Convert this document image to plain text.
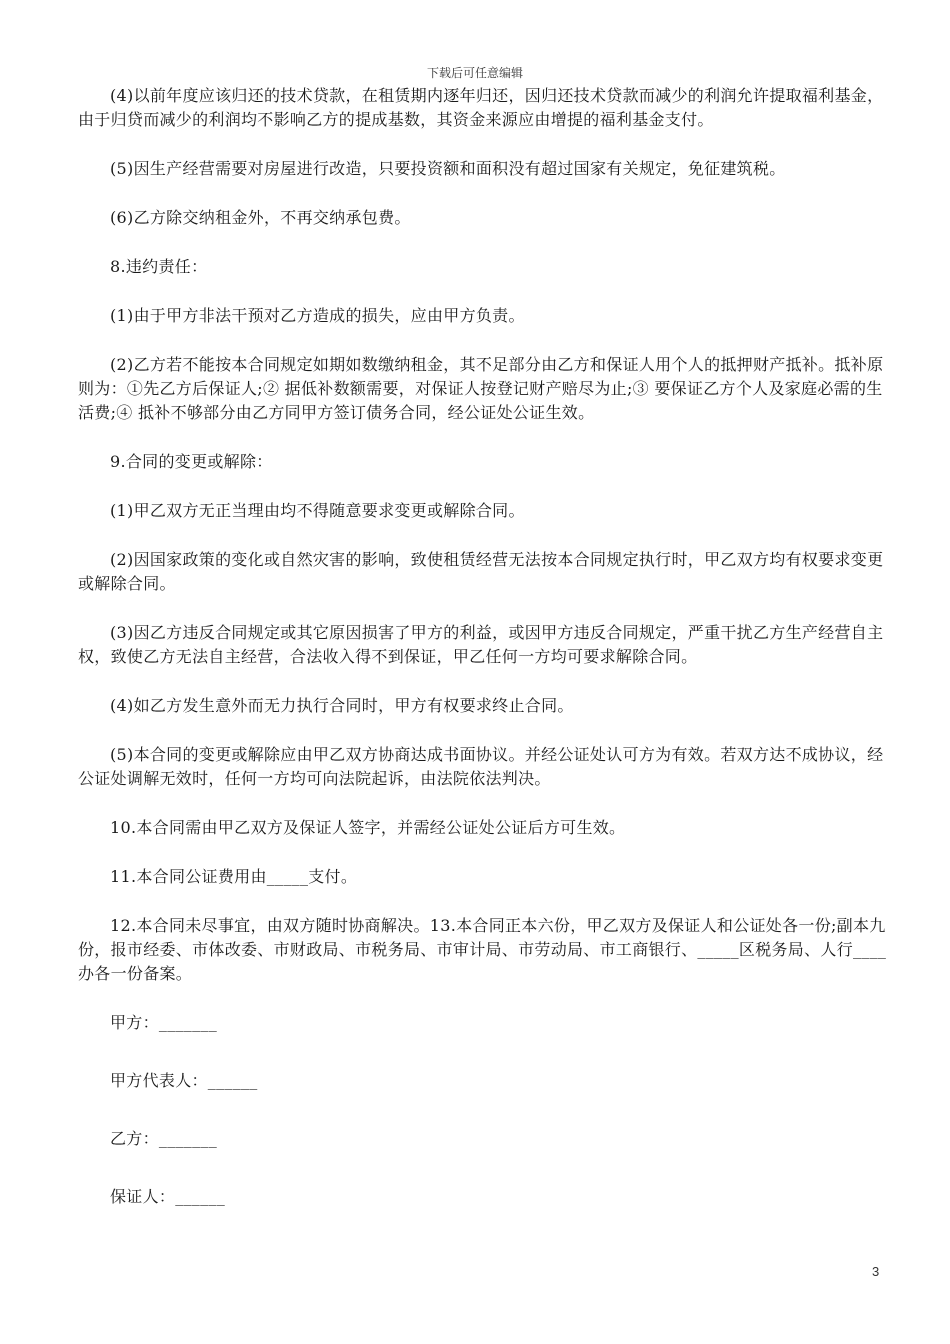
下载后可任意编辑

(4)以前年度应该归还的技术贷款，在租赁期内逐年归还，因归还技术贷款而减少的利润允许提取福利基金，由于归贷而减少的利润均不影响乙方的提成基数，其资金来源应由增提的福利基金支付。

(5)因生产经营需要对房屋进行改造，只要投资额和面积没有超过国家有关规定，免征建筑税。

(6)乙方除交纳租金外，不再交纳承包费。

8.违约责任：

(1)由于甲方非法干预对乙方造成的损失，应由甲方负责。

(2)乙方若不能按本合同规定如期如数缴纳租金，其不足部分由乙方和保证人用个人的抵押财产抵补。抵补原则为：①先乙方后保证人;② 据低补数额需要，对保证人按登记财产赔尽为止;③ 要保证乙方个人及家庭必需的生活费;④ 抵补不够部分由乙方同甲方签订债务合同，经公证处公证生效。

9.合同的变更或解除：

(1)甲乙双方无正当理由均不得随意要求变更或解除合同。

(2)因国家政策的变化或自然灾害的影响，致使租赁经营无法按本合同规定执行时，甲乙双方均有权要求变更或解除合同。

(3)因乙方违反合同规定或其它原因损害了甲方的利益，或因甲方违反合同规定，严重干扰乙方生产经营自主权，致使乙方无法自主经营，合法收入得不到保证，甲乙任何一方均可要求解除合同。

(4)如乙方发生意外而无力执行合同时，甲方有权要求终止合同。

(5)本合同的变更或解除应由甲乙双方协商达成书面协议。并经公证处认可方为有效。若双方达不成协议，经公证处调解无效时，任何一方均可向法院起诉，由法院依法判决。

10.本合同需由甲乙双方及保证人签字，并需经公证处公证后方可生效。

11.本合同公证费用由_____支付。

12.本合同未尽事宜，由双方随时协商解决。13.本合同正本六份，甲乙双方及保证人和公证处各一份;副本九份，报市经委、市体改委、市财政局、市税务局、市审计局、市劳动局、市工商银行、_____区税务局、人行____办各一份备案。

甲方：_______

甲方代表人：______

乙方：_______

保证人：______

3
